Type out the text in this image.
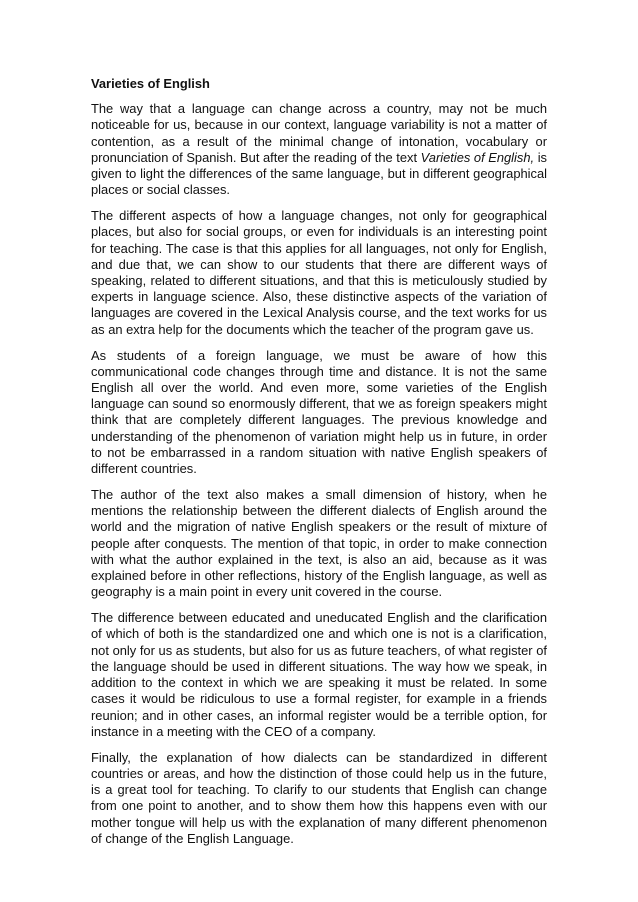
Varieties of English

The way that a language can change across a country, may not be much noticeable for us, because in our context, language variability is not a matter of contention, as a result of the minimal change of intonation, vocabulary or pronunciation of Spanish. But after the reading of the text Varieties of English, is given to light the differences of the same language, but in different geographical places or social classes.

The different aspects of how a language changes, not only for geographical places, but also for social groups, or even for individuals is an interesting point for teaching. The case is that this applies for all languages, not only for English, and due that, we can show to our students that there are different ways of speaking, related to different situations, and that this is meticulously studied by experts in language science. Also, these distinctive aspects of the variation of languages are covered in the Lexical Analysis course, and the text works for us as an extra help for the documents which the teacher of the program gave us.

As students of a foreign language, we must be aware of how this communicational code changes through time and distance. It is not the same English all over the world. And even more, some varieties of the English language can sound so enormously different, that we as foreign speakers might think that are completely different languages. The previous knowledge and understanding of the phenomenon of variation might help us in future, in order to not be embarrassed in a random situation with native English speakers of different countries.

The author of the text also makes a small dimension of history, when he mentions the relationship between the different dialects of English around the world and the migration of native English speakers or the result of mixture of people after conquests. The mention of that topic, in order to make connection with what the author explained in the text, is also an aid, because as it was explained before in other reflections, history of the English language, as well as geography is a main point in every unit covered in the course.

The difference between educated and uneducated English and the clarification of which of both is the standardized one and which one is not is a clarification, not only for us as students, but also for us as future teachers, of what register of the language should be used in different situations. The way how we speak, in addition to the context in which we are speaking it must be related. In some cases it would be ridiculous to use a formal register, for example in a friends reunion; and in other cases, an informal register would be a terrible option, for instance in a meeting with the CEO of a company.

Finally, the explanation of how dialects can be standardized in different countries or areas, and how the distinction of those could help us in the future, is a great tool for teaching. To clarify to our students that English can change from one point to another, and to show them how this happens even with our mother tongue will help us with the explanation of many different phenomenon of change of the English Language.
